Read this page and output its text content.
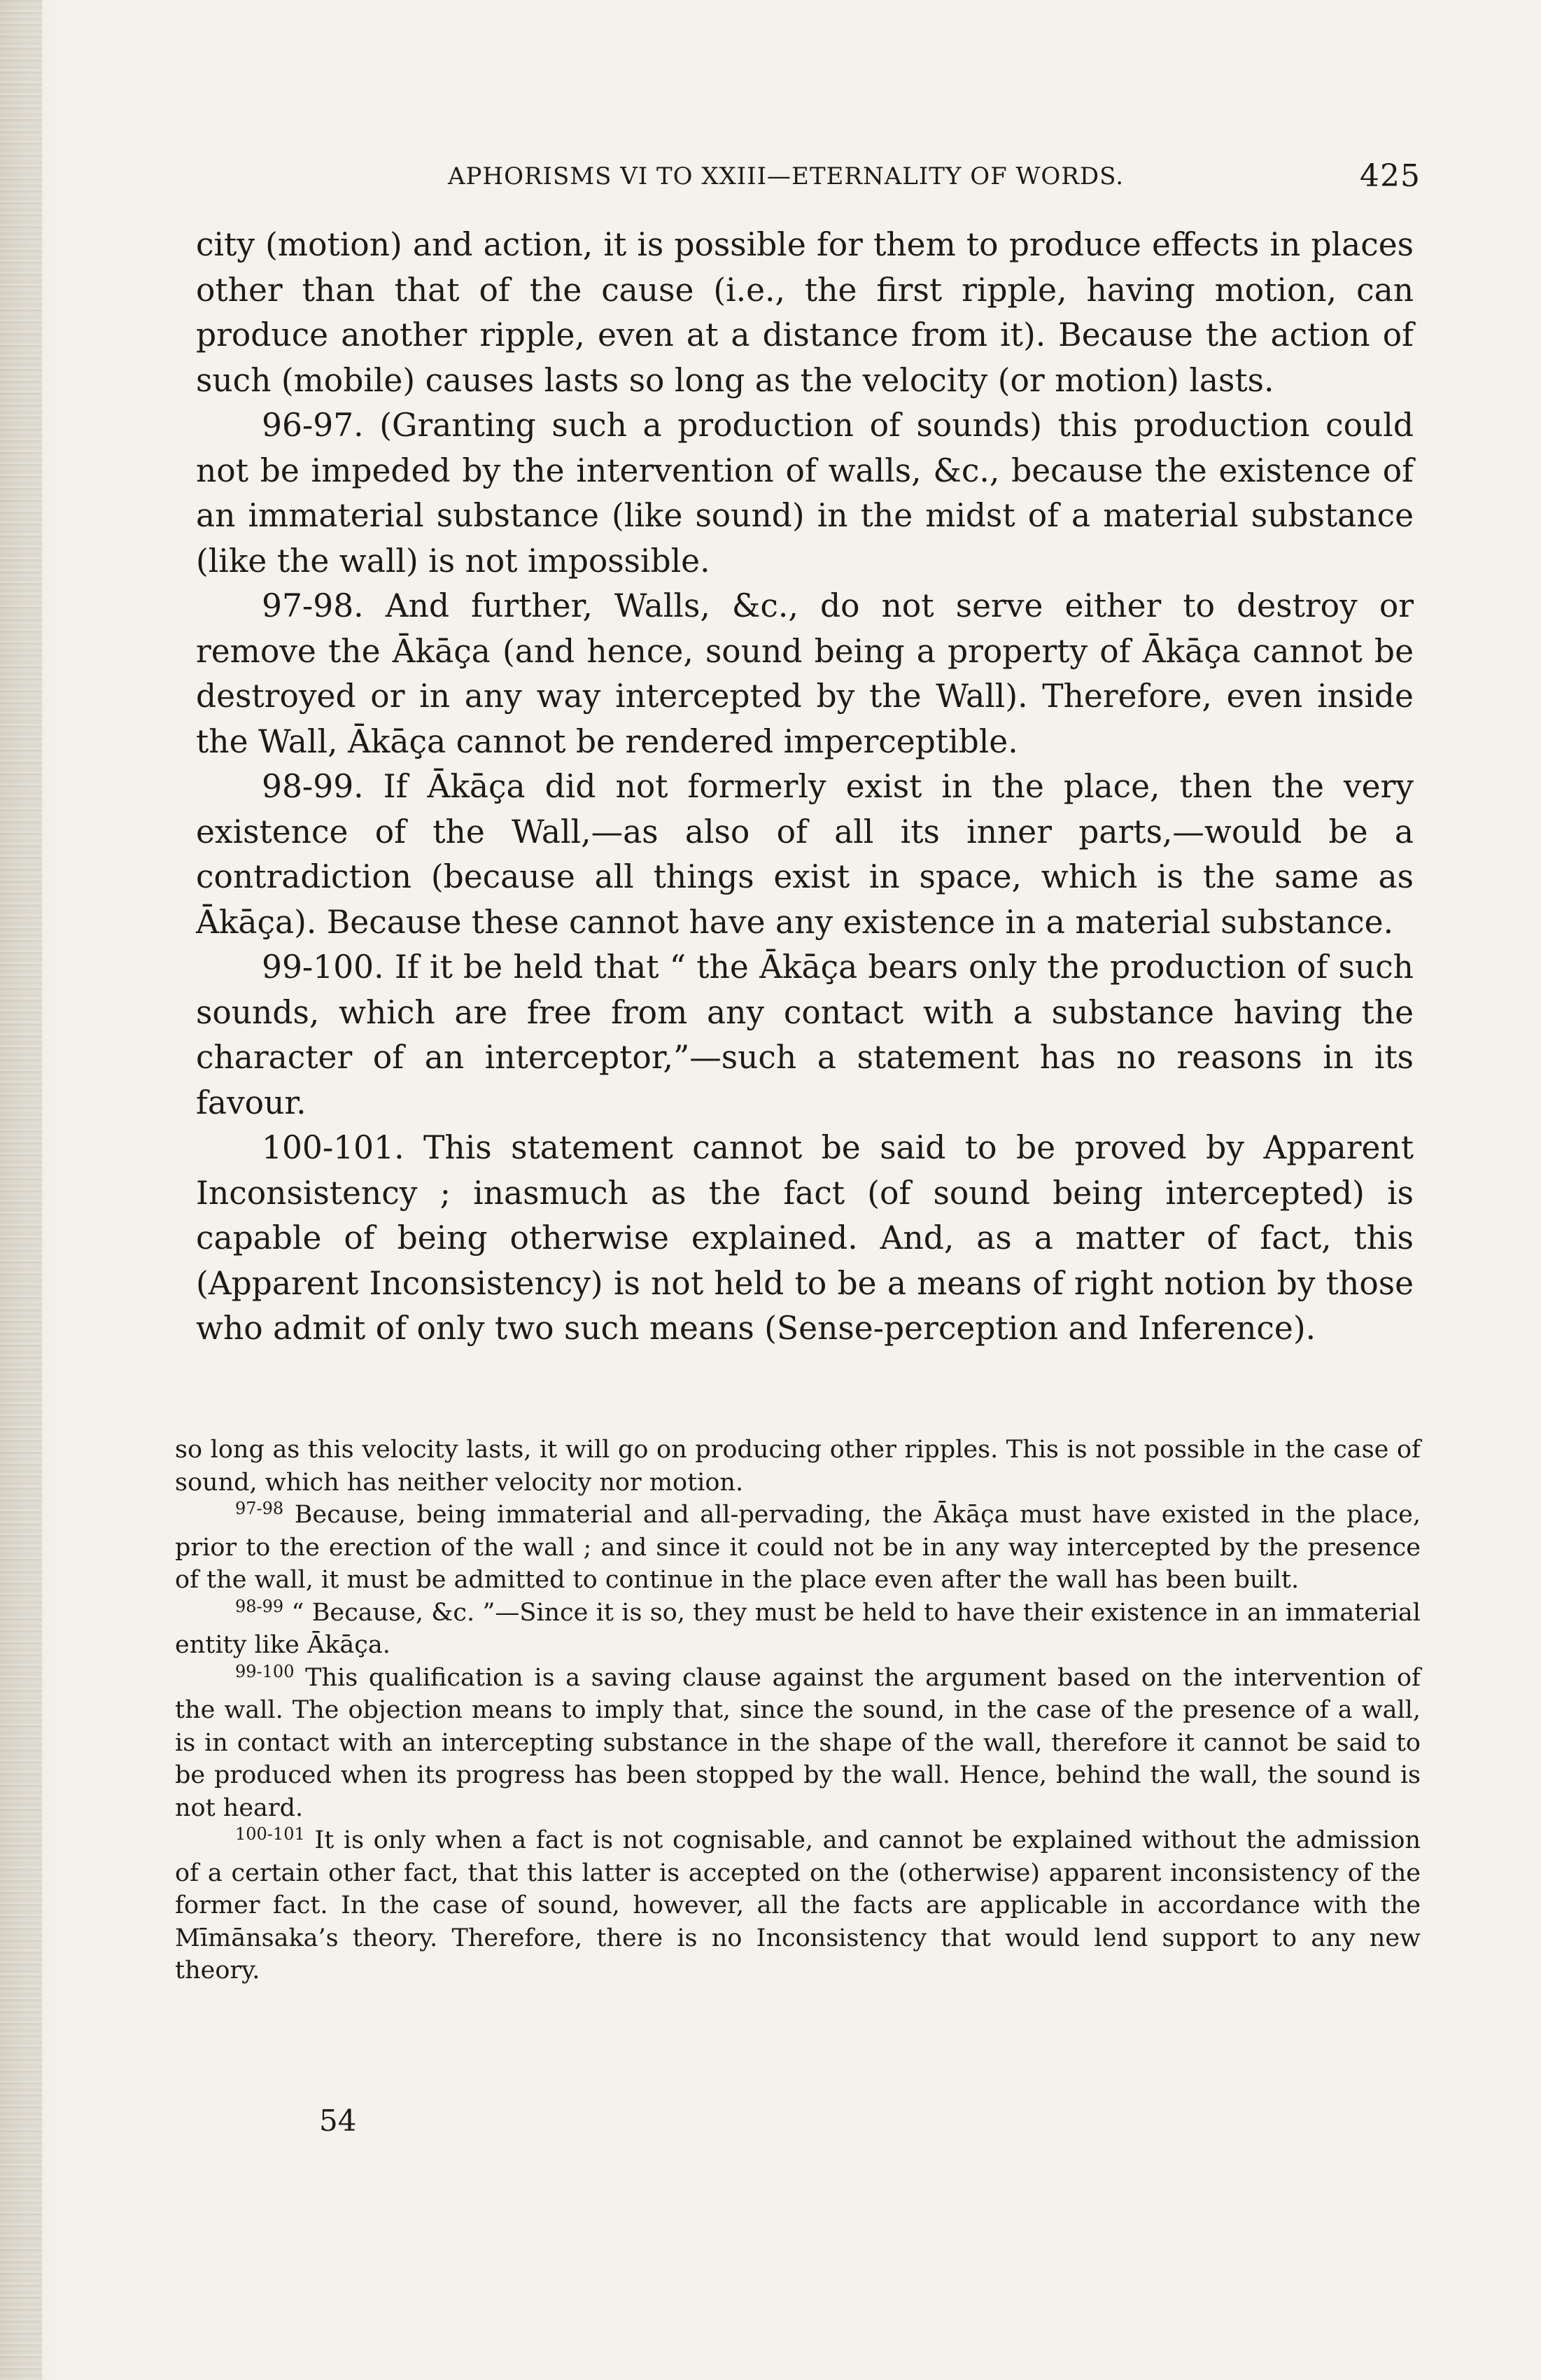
APHORISMS VI TO XXIII—ETERNALITY OF WORDS.	425

city (motion) and action, it is possible for them to produce effects in places other than that of the cause (i.e., the first ripple, having motion, can produce another ripple, even at a distance from it). Because the action of such (mobile) causes lasts so long as the velocity (or motion) lasts.

96-97. (Granting such a production of sounds) this production could not be impeded by the intervention of walls, &c., because the existence of an immaterial substance (like sound) in the midst of a material substance (like the wall) is not impossible.

97-98. And further, Walls, &c., do not serve either to destroy or remove the Ākāça (and hence, sound being a property of Ākāça cannot be destroyed or in any way intercepted by the Wall). Therefore, even inside the Wall, Ākāça cannot be rendered imperceptible.

98-99. If Ākāça did not formerly exist in the place, then the very existence of the Wall,—as also of all its inner parts,—would be a contradiction (because all things exist in space, which is the same as Ākāça). Because these cannot have any existence in a material substance.

99-100. If it be held that “ the Ākāça bears only the production of such sounds, which are free from any contact with a substance having the character of an interceptor,”—such a statement has no reasons in its favour.

100-101. This statement cannot be said to be proved by Apparent Inconsistency ; inasmuch as the fact (of sound being intercepted) is capable of being otherwise explained. And, as a matter of fact, this (Apparent Inconsistency) is not held to be a means of right notion by those who admit of only two such means (Sense-perception and Inference).

so long as this velocity lasts, it will go on producing other ripples. This is not possible in the case of sound, which has neither velocity nor motion.

$^{97-98}$ Because, being immaterial and all-pervading, the Ākāça must have existed in the place, prior to the erection of the wall ; and since it could not be in any way intercepted by the presence of the wall, it must be admitted to continue in the place even after the wall has been built.

$^{98-99}$ “ Because, &c. ”—Since it is so, they must be held to have their existence in an immaterial entity like Ākāça.

$^{99-100}$ This qualification is a saving clause against the argument based on the intervention of the wall. The objection means to imply that, since the sound, in the case of the presence of a wall, is in contact with an intercepting substance in the shape of the wall, therefore it cannot be said to be produced when its progress has been stopped by the wall. Hence, behind the wall, the sound is not heard.

$^{100-101}$ It is only when a fact is not cognisable, and cannot be explained without the admission of a certain other fact, that this latter is accepted on the (otherwise) apparent inconsistency of the former fact. In the case of sound, however, all the facts are applicable in accordance with the Mīmānsaka’s theory. Therefore, there is no Inconsistency that would lend support to any new theory.

54
